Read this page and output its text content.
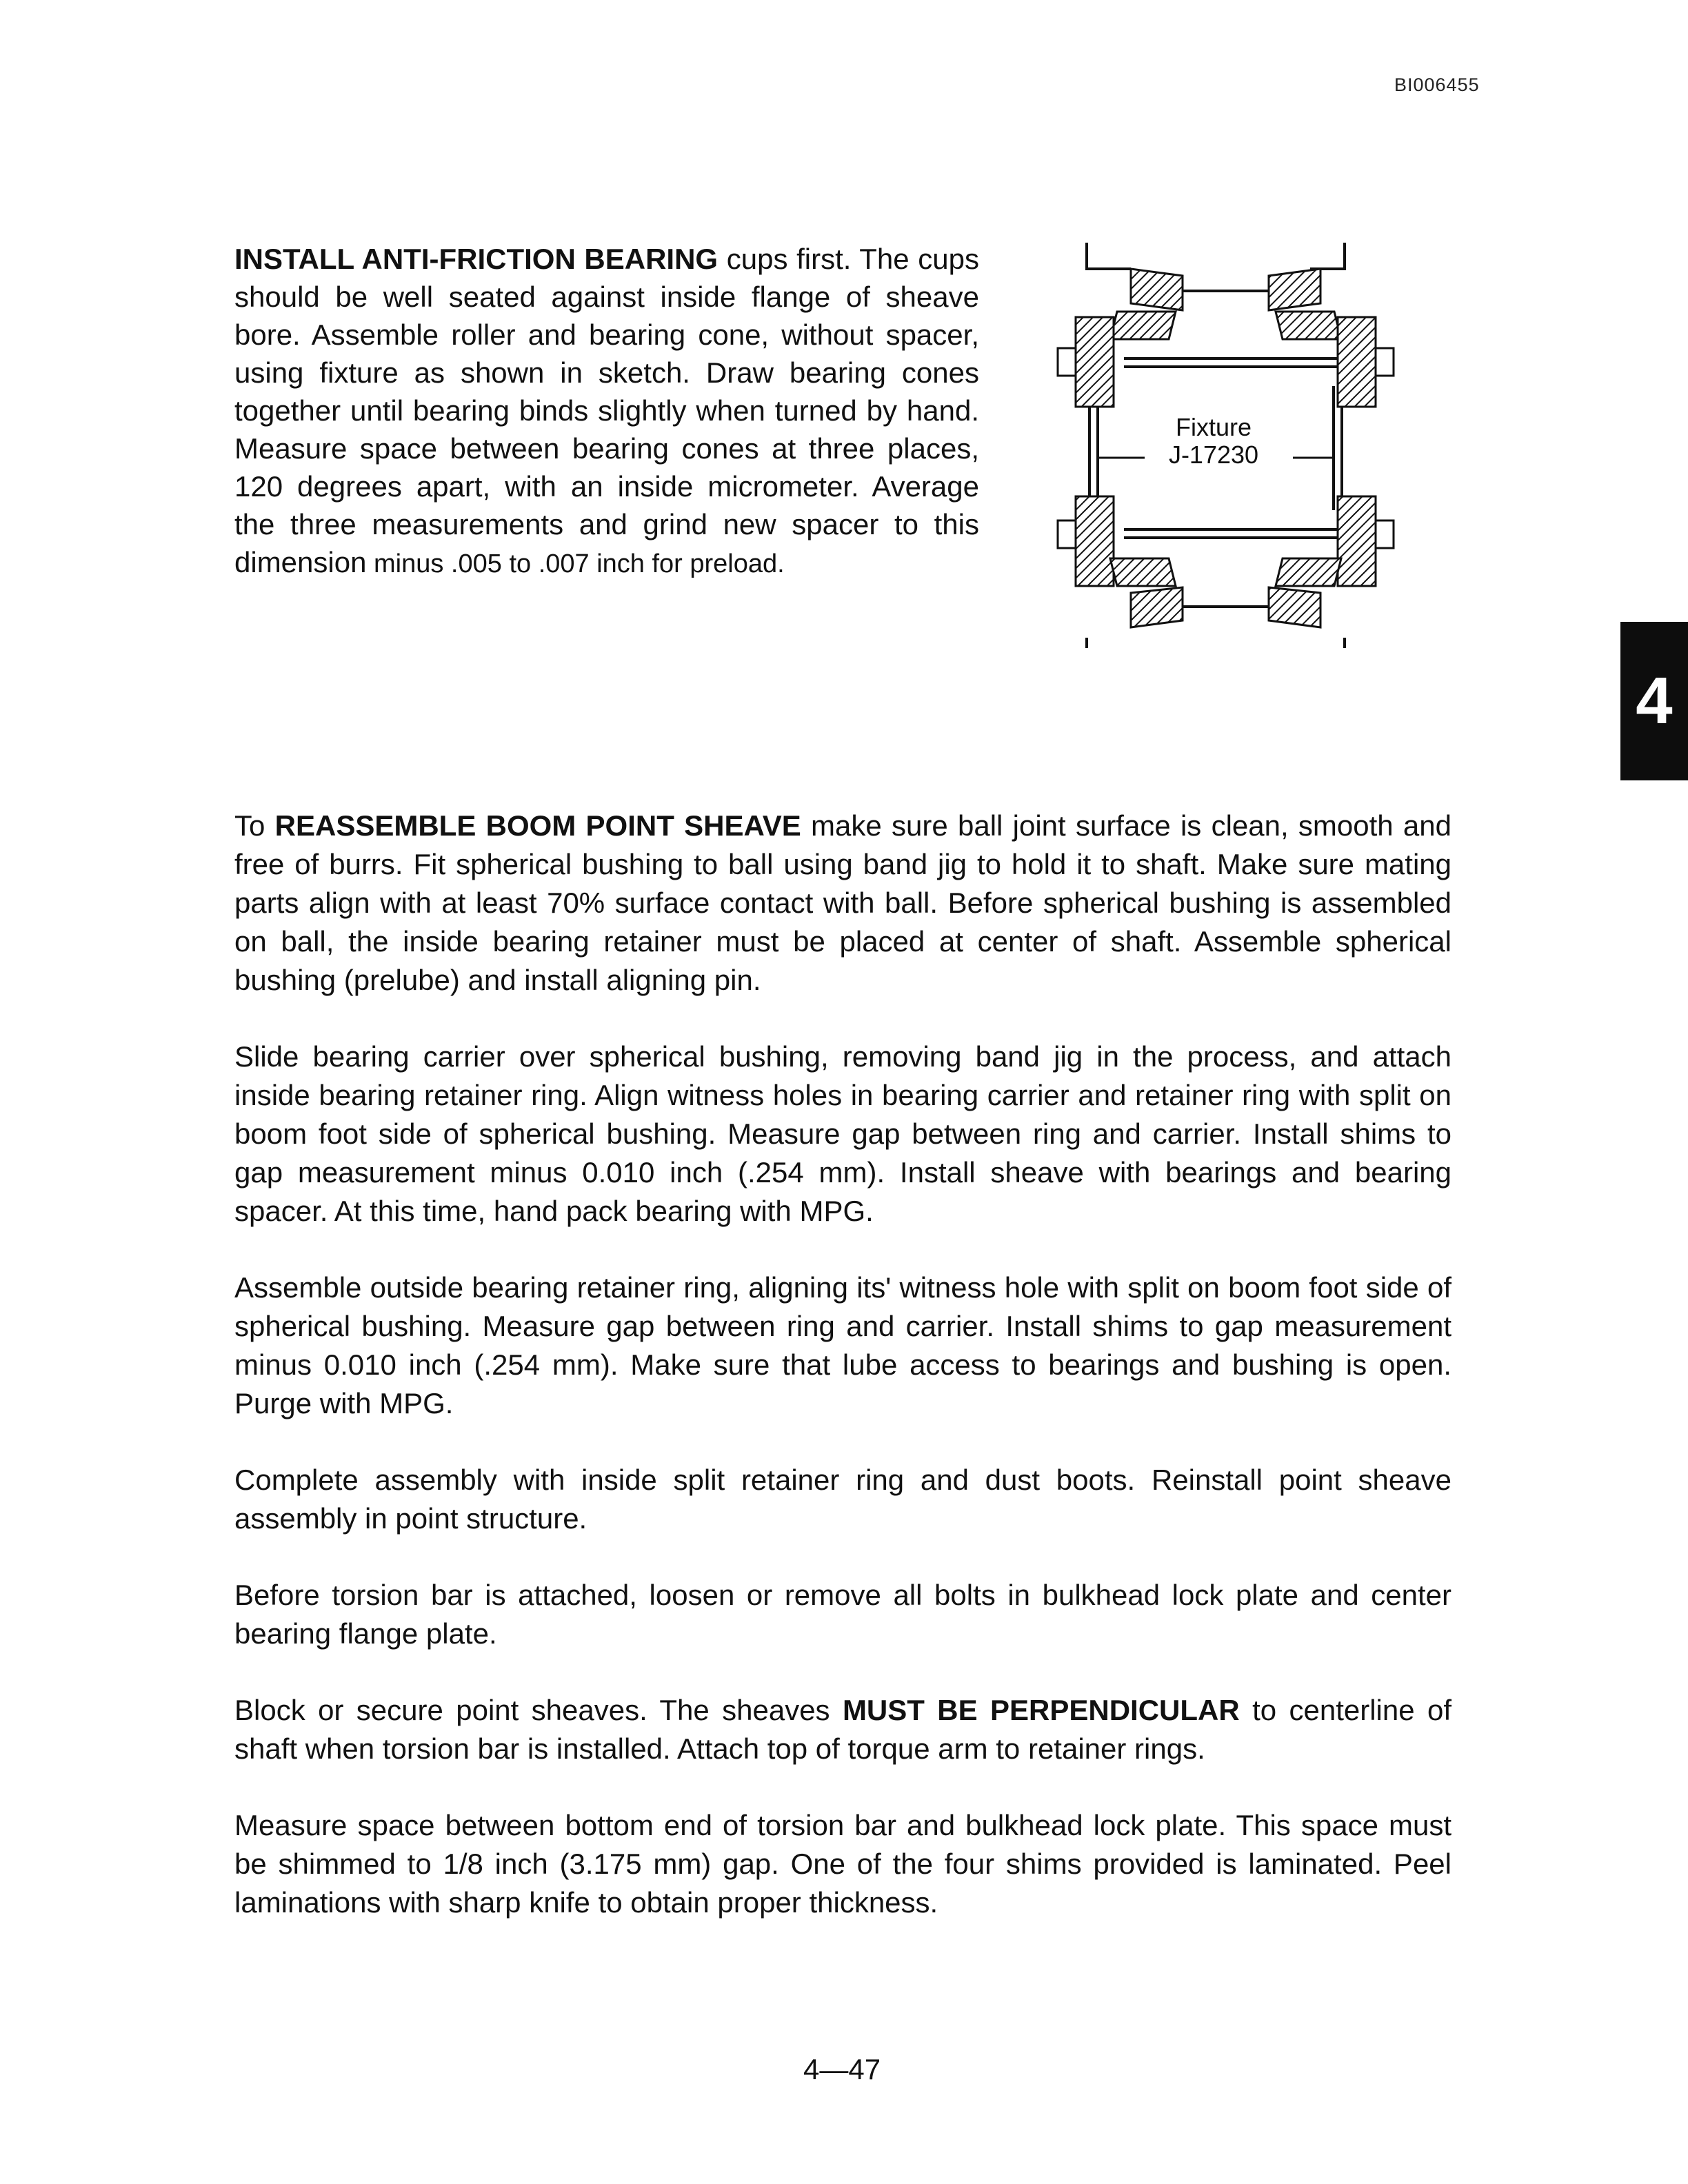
BI006455
INSTALL ANTI-FRICTION BEARING cups first. The cups should be well seated against inside flange of sheave bore. Assemble roller and bearing cone, without spacer, using fixture as shown in sketch. Draw bearing cones together until bearing binds slightly when turned by hand. Measure space between bearing cones at three places, 120 degrees apart, with an inside micrometer. Average the three measurements and grind new spacer to this dimension minus .005 to .007 inch for preload.
Fixture
J-17230
4

To REASSEMBLE BOOM POINT SHEAVE make sure ball joint surface is clean, smooth and free of burrs. Fit spherical bushing to ball using band jig to hold it to shaft. Make sure mating parts align with at least 70% surface contact with ball. Before spherical bushing is assembled on ball, the inside bearing retainer must be placed at center of shaft. Assemble spherical bushing (prelube) and install aligning pin.

Slide bearing carrier over spherical bushing, removing band jig in the process, and attach inside bearing retainer ring. Align witness holes in bearing carrier and retainer ring with split on boom foot side of spherical bushing. Measure gap between ring and carrier. Install shims to gap measurement minus 0.010 inch (.254 mm). Install sheave with bearings and bearing spacer. At this time, hand pack bearing with MPG.

Assemble outside bearing retainer ring, aligning its' witness hole with split on boom foot side of spherical bushing. Measure gap between ring and carrier. Install shims to gap measurement minus 0.010 inch (.254 mm). Make sure that lube access to bearings and bushing is open. Purge with MPG.

Complete assembly with inside split retainer ring and dust boots. Reinstall point sheave assembly in point structure.

Before torsion bar is attached, loosen or remove all bolts in bulkhead lock plate and center bearing flange plate.

Block or secure point sheaves. The sheaves MUST BE PERPENDICULAR to centerline of shaft when torsion bar is installed. Attach top of torque arm to retainer rings.

Measure space between bottom end of torsion bar and bulkhead lock plate. This space must be shimmed to 1/8 inch (3.175 mm) gap. One of the four shims provided is laminated. Peel laminations with sharp knife to obtain proper thickness.

4—47
